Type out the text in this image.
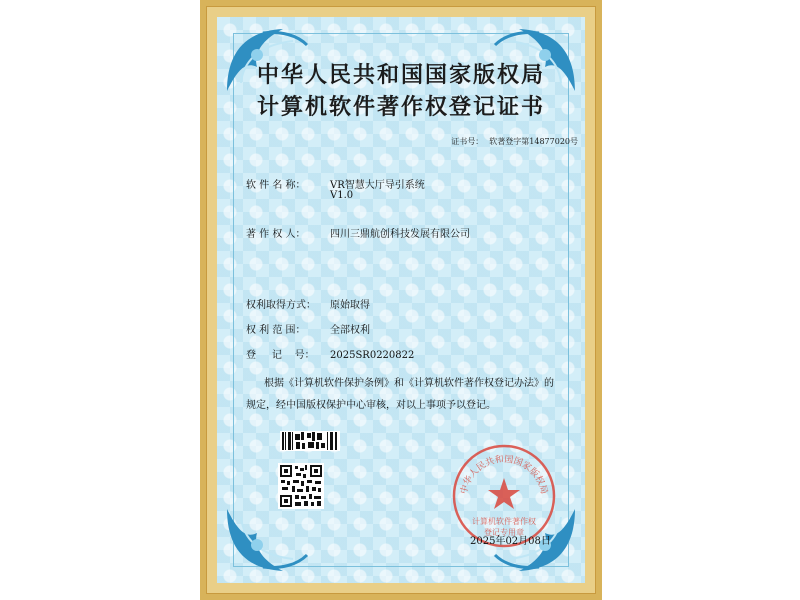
中华人民共和国国家版权局
计算机软件著作权登记证书
证书号： 软著登字第14877020号
软 件 名 称： VR智慧大厅导引系统
V1.0
著 作 权 人： 四川三鼎航创科技发展有限公司
权利取得方式： 原始取得
权 利 范 围： 全部权利
登     记    号： 2025SR0220822
根据《计算机软件保护条例》和《计算机软件著作权登记办法》的
规定，经中国版权保护中心审核，对以上事项予以登记。
中华人民共和国国家版权局
计算机软件著作权
登记专用章
2025年02月08日
